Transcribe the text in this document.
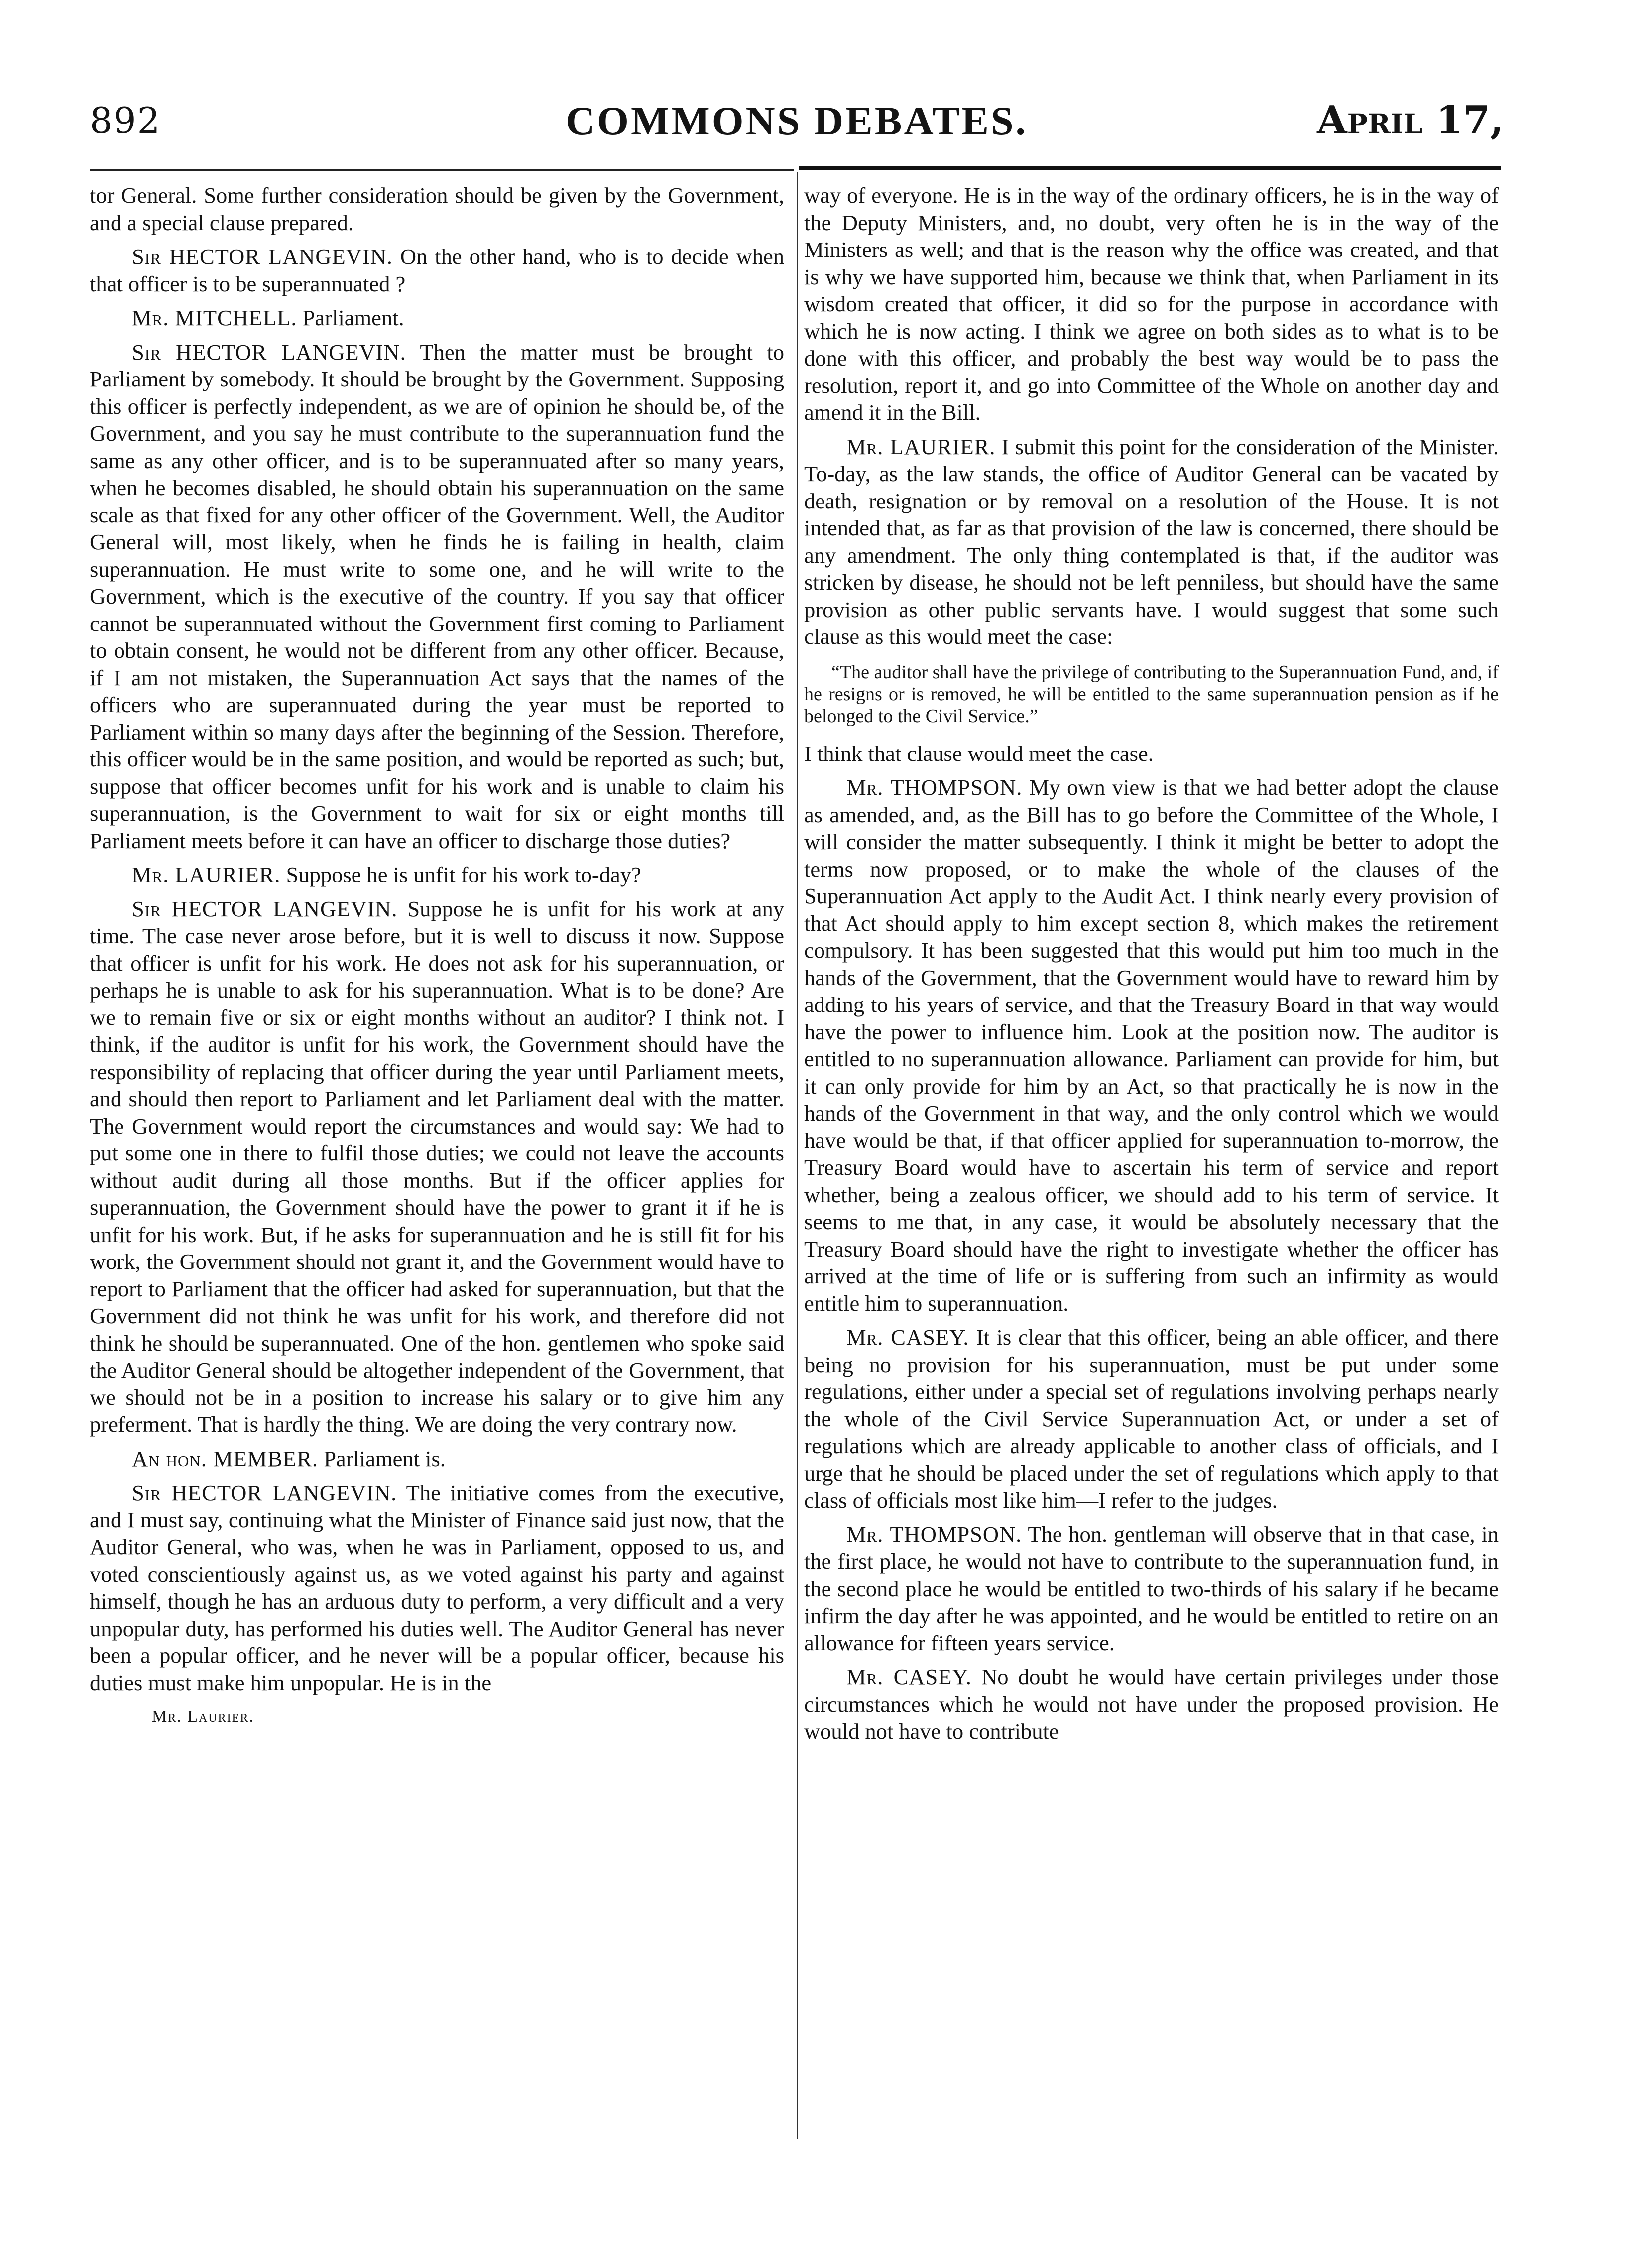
892	COMMONS DEBATES.	April 17,

tor General. Some further consideration should be given by the Government, and a special clause prepared.

Sir HECTOR LANGEVIN. On the other hand, who is to decide when that officer is to be superannuated ?

Mr. MITCHELL. Parliament.

Sir HECTOR LANGEVIN. Then the matter must be brought to Parliament by somebody. It should be brought by the Government. Supposing this officer is perfectly independent, as we are of opinion he should be, of the Government, and you say he must contribute to the superannuation fund the same as any other officer, and is to be superannuated after so many years, when he becomes disabled, he should obtain his superannuation on the same scale as that fixed for any other officer of the Government. Well, the Auditor General will, most likely, when he finds he is failing in health, claim superannuation. He must write to some one, and he will write to the Government, which is the executive of the country. If you say that officer cannot be superannuated without the Government first coming to Parliament to obtain consent, he would not be different from any other officer. Because, if I am not mistaken, the Superannuation Act says that the names of the officers who are superannuated during the year must be reported to Parliament within so many days after the beginning of the Session. Therefore, this officer would be in the same position, and would be reported as such; but, suppose that officer becomes unfit for his work and is unable to claim his superannuation, is the Government to wait for six or eight months till Parliament meets before it can have an officer to discharge those duties?

Mr. LAURIER. Suppose he is unfit for his work to-day?

Sir HECTOR LANGEVIN. Suppose he is unfit for his work at any time. The case never arose before, but it is well to discuss it now. Suppose that officer is unfit for his work. He does not ask for his superannuation, or perhaps he is unable to ask for his superannuation. What is to be done? Are we to remain five or six or eight months without an auditor? I think not. I think, if the auditor is unfit for his work, the Government should have the responsibility of replacing that officer during the year until Parliament meets, and should then report to Parliament and let Parliament deal with the matter. The Government would report the circumstances and would say: We had to put some one in there to fulfil those duties; we could not leave the accounts without audit during all those months. But if the officer applies for superannuation, the Government should have the power to grant it if he is unfit for his work. But, if he asks for superannuation and he is still fit for his work, the Government should not grant it, and the Government would have to report to Parliament that the officer had asked for superannuation, but that the Government did not think he was unfit for his work, and therefore did not think he should be superannuated. One of the hon. gentlemen who spoke said the Auditor General should be altogether independent of the Government, that we should not be in a position to increase his salary or to give him any preferment. That is hardly the thing. We are doing the very contrary now.

An hon. MEMBER. Parliament is.

Sir HECTOR LANGEVIN. The initiative comes from the executive, and I must say, continuing what the Minister of Finance said just now, that the Auditor General, who was, when he was in Parliament, opposed to us, and voted conscientiously against us, as we voted against his party and against himself, though he has an arduous duty to perform, a very difficult and a very unpopular duty, has performed his duties well. The Auditor General has never been a popular officer, and he never will be a popular officer, because his duties must make him unpopular. He is in the

Mr. Laurier.

way of everyone. He is in the way of the ordinary officers, he is in the way of the Deputy Ministers, and, no doubt, very often he is in the way of the Ministers as well; and that is the reason why the office was created, and that is why we have supported him, because we think that, when Parliament in its wisdom created that officer, it did so for the purpose in accordance with which he is now acting. I think we agree on both sides as to what is to be done with this officer, and probably the best way would be to pass the resolution, report it, and go into Committee of the Whole on another day and amend it in the Bill.

Mr. LAURIER. I submit this point for the consideration of the Minister. To-day, as the law stands, the office of Auditor General can be vacated by death, resignation or by removal on a resolution of the House. It is not intended that, as far as that provision of the law is concerned, there should be any amendment. The only thing contemplated is that, if the auditor was stricken by disease, he should not be left penniless, but should have the same provision as other public servants have. I would suggest that some such clause as this would meet the case:

“The auditor shall have the privilege of contributing to the Superannuation Fund, and, if he resigns or is removed, he will be entitled to the same superannuation pension as if he belonged to the Civil Service.”

I think that clause would meet the case.

Mr. THOMPSON. My own view is that we had better adopt the clause as amended, and, as the Bill has to go before the Committee of the Whole, I will consider the matter subsequently. I think it might be better to adopt the terms now proposed, or to make the whole of the clauses of the Superannuation Act apply to the Audit Act. I think nearly every provision of that Act should apply to him except section 8, which makes the retirement compulsory. It has been suggested that this would put him too much in the hands of the Government, that the Government would have to reward him by adding to his years of service, and that the Treasury Board in that way would have the power to influence him. Look at the position now. The auditor is entitled to no superannuation allowance. Parliament can provide for him, but it can only provide for him by an Act, so that practically he is now in the hands of the Government in that way, and the only control which we would have would be that, if that officer applied for superannuation to-morrow, the Treasury Board would have to ascertain his term of service and report whether, being a zealous officer, we should add to his term of service. It seems to me that, in any case, it would be absolutely necessary that the Treasury Board should have the right to investigate whether the officer has arrived at the time of life or is suffering from such an infirmity as would entitle him to superannuation.

Mr. CASEY. It is clear that this officer, being an able officer, and there being no provision for his superannuation, must be put under some regulations, either under a special set of regulations involving perhaps nearly the whole of the Civil Service Superannuation Act, or under a set of regulations which are already applicable to another class of officials, and I urge that he should be placed under the set of regulations which apply to that class of officials most like him—I refer to the judges.

Mr. THOMPSON. The hon. gentleman will observe that in that case, in the first place, he would not have to contribute to the superannuation fund, in the second place he would be entitled to two-thirds of his salary if he became infirm the day after he was appointed, and he would be entitled to retire on an allowance for fifteen years service.

Mr. CASEY. No doubt he would have certain privileges under those circumstances which he would not have under the proposed provision. He would not have to contribute
